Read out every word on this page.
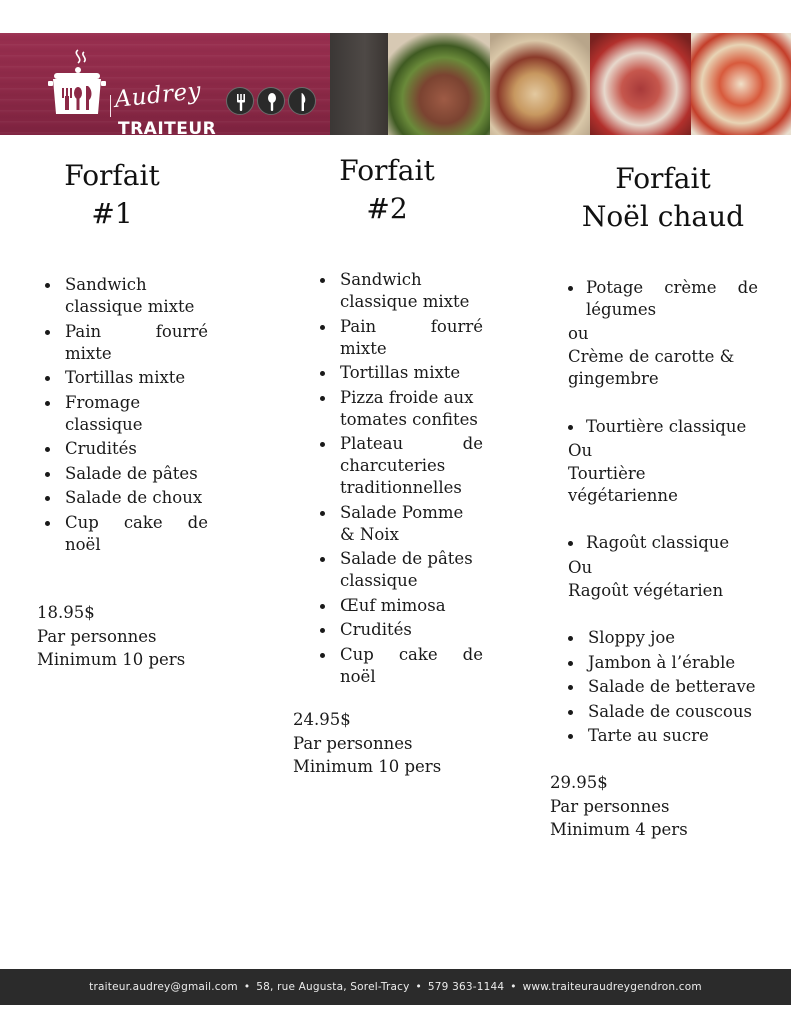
Audrey
TRAITEUR
Forfait
#1
Sandwich classique mixte
Pain fourré mixte
Tortillas mixte
Fromage classique
Crudités
Salade de pâtes
Salade de choux
Cup cake de noël
18.95$
Par personnes
Minimum 10 pers
Forfait
#2
Sandwich classique mixte
Pain fourré mixte
Tortillas mixte
Pizza froide aux tomates confites
Plateau de charcuteries traditionnelles
Salade Pomme & Noix
Salade de pâtes classique
Œuf mimosa
Crudités
Cup cake de noël
24.95$
Par personnes
Minimum 10 pers
Forfait
Noël chaud
Potage crème de légumes
ou
Crème de carotte & gingembre
Tourtière classique
Ou
Tourtière végétarienne
Ragoût classique
Ou
Ragoût végétarien
Sloppy joe
Jambon à l’érable
Salade de betterave
Salade de couscous
Tarte au sucre
29.95$
Par personnes
Minimum 4 pers
traiteur.audrey@gmail.com • 58, rue Augusta, Sorel-Tracy • 579 363-1144 • www.traiteuraudreygendron.com
